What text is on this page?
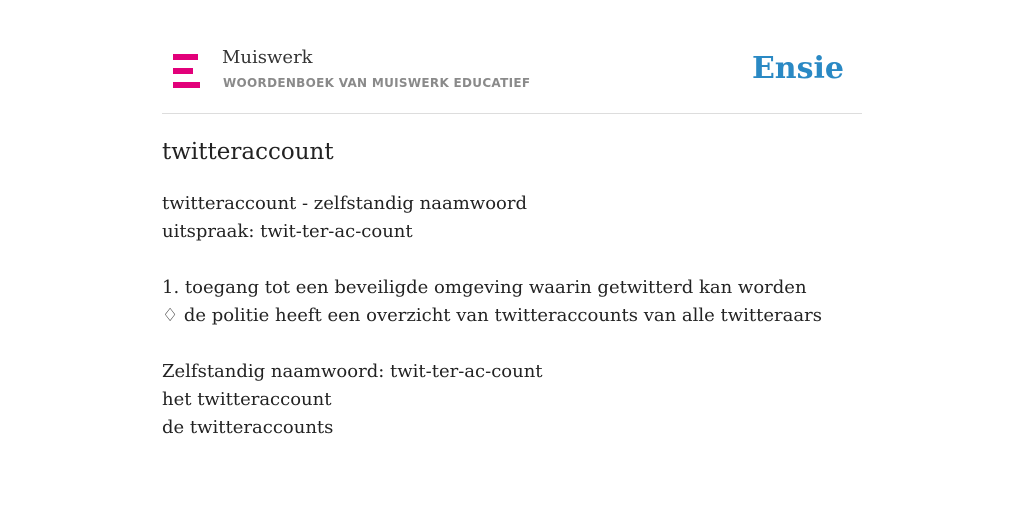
Muiswerk
WOORDENBOEK VAN MUISWERK EDUCATIEF	Ensie
twitteraccount
twitteraccount - zelfstandig naamwoord
uitspraak: twit-ter-ac-count
1. toegang tot een beveiligde omgeving waarin getwitterd kan worden
♢ de politie heeft een overzicht van twitteraccounts van alle twitteraars
Zelfstandig naamwoord: twit-ter-ac-count
het twitteraccount
de twitteraccounts
